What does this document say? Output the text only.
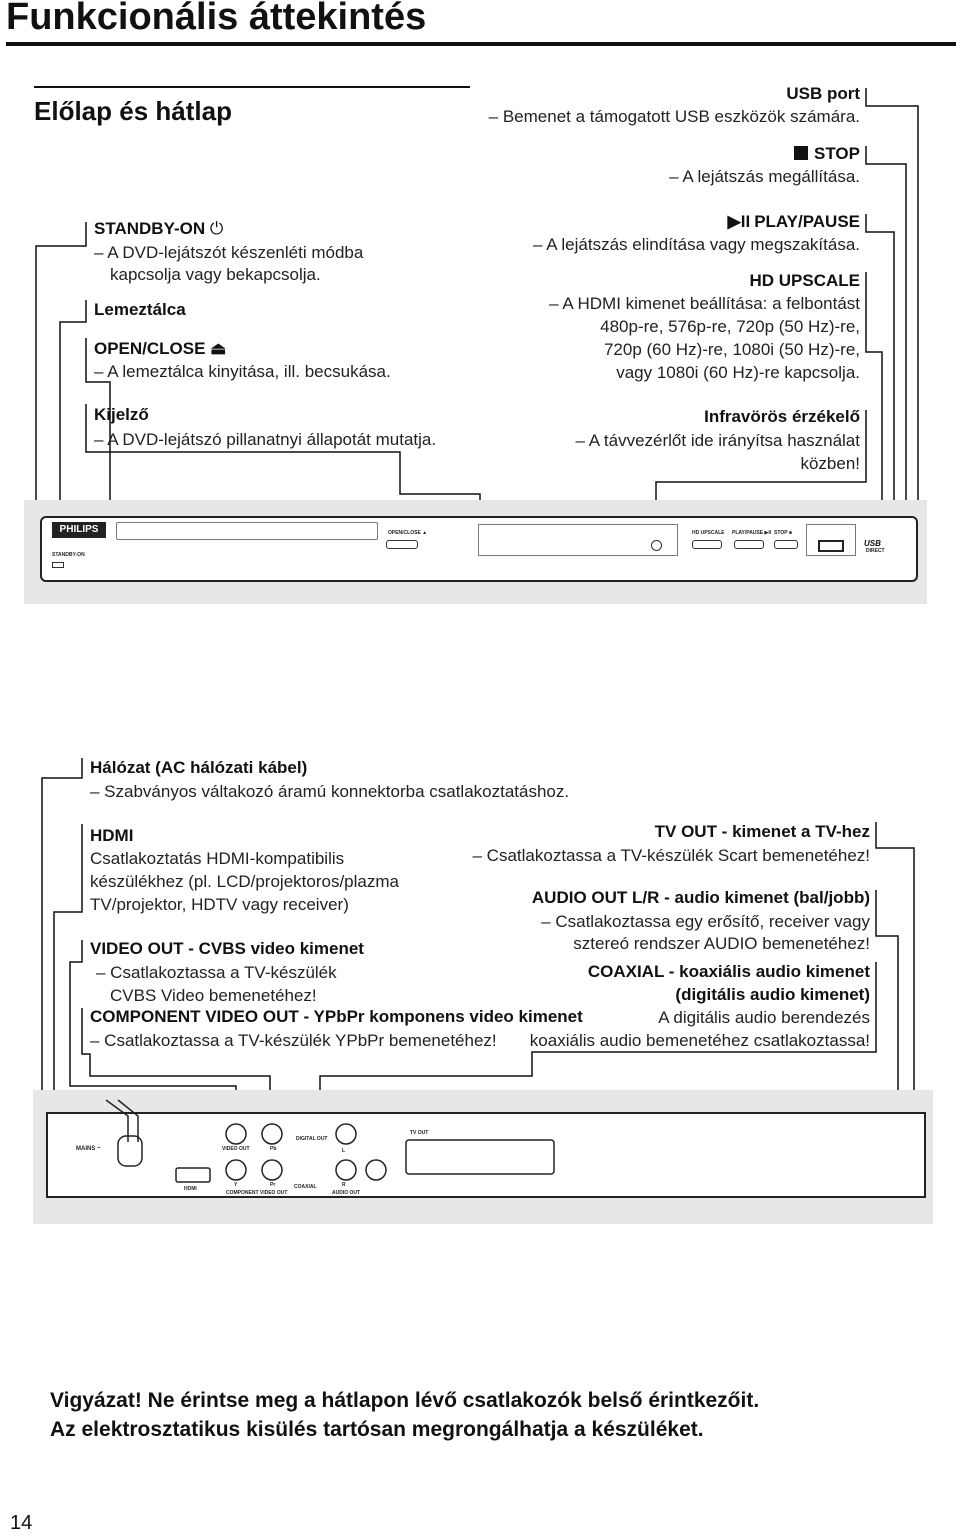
Funkcionális áttekintés
Előlap és hátlap
USB port
– Bemenet a támogatott USB eszközök számára.
STOP
– A lejátszás megállítása.
▶II PLAY/PAUSE
– A lejátszás elindítása vagy megszakítása.
HD UPSCALE
– A HDMI kimenet beállítása: a felbontást
480p-re, 576p-re, 720p (50 Hz)-re,
720p (60 Hz)-re, 1080i (50 Hz)-re,
vagy 1080i (60 Hz)-re kapcsolja.
Infravörös érzékelő
– A távvezérlőt ide irányítsa használat
közben!
STANDBY-ON ⏻
– A DVD-lejátszót készenléti módba
kapcsolja vagy bekapcsolja.
Lemeztálca
OPEN/CLOSE ⏏
– A lemeztálca kinyitása, ill. becsukása.
Kijelző
– A DVD-lejátszó pillanatnyi állapotát mutatja.
PHILIPS
STANDBY-ON
OPEN/CLOSE ▲	HD UPSCALE PLAY/PAUSE ▶II STOP ■
USB
DIRECT
Hálózat (AC hálózati kábel)
– Szabványos váltakozó áramú konnektorba csatlakoztatáshoz.
HDMI
Csatlakoztatás HDMI-kompatibilis
készülékhez (pl. LCD/projektoros/plazma
TV/projektor, HDTV vagy receiver)
VIDEO OUT - CVBS video kimenet
– Csatlakoztassa a TV-készülék
CVBS Video bemenetéhez!
COMPONENT VIDEO OUT - YPbPr komponens video kimenet
– Csatlakoztassa a TV-készülék YPbPr bemenetéhez!
TV OUT - kimenet a TV-hez
– Csatlakoztassa a TV-készülék Scart bemenetéhez!
AUDIO OUT L/R - audio kimenet (bal/jobb)
– Csatlakoztassa egy erősítő, receiver vagy
sztereó rendszer AUDIO bemenetéhez!
COAXIAL - koaxiális audio kimenet
(digitális audio kimenet)
A digitális audio berendezés
koaxiális audio bemenetéhez csatlakoztassa!
MAINS ~
HDMI
VIDEO OUT	Pb
Y	Pr
COMPONENT VIDEO OUT
DIGITAL OUT
COAXIAL
L
R
AUDIO OUT
TV OUT
Vigyázat! Ne érintse meg a hátlapon lévő csatlakozók belső érintkezőit.
Az elektrosztatikus kisülés tartósan megrongálhatja a készüléket.
14
